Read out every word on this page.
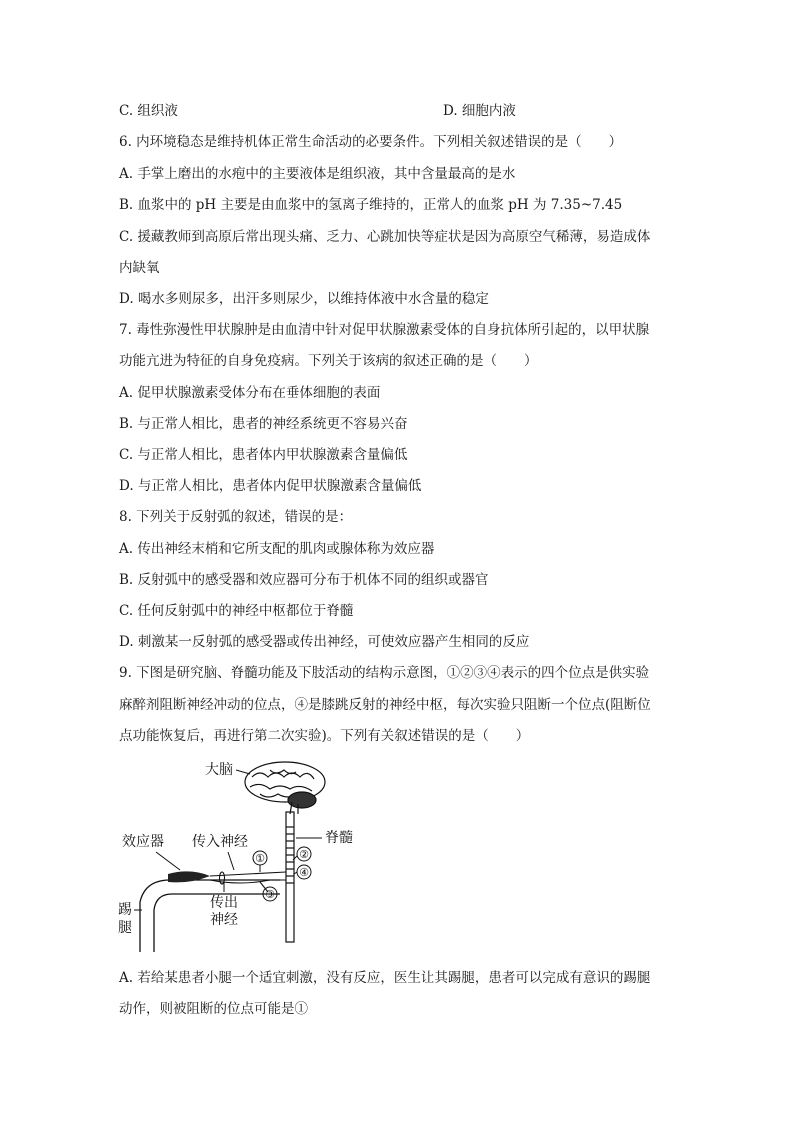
C. 组织液	D. 细胞内液
6. 内环境稳态是维持机体正常生命活动的必要条件。下列相关叙述错误的是（　　）
A. 手掌上磨出的水疱中的主要液体是组织液，其中含量最高的是水
B. 血浆中的 pH 主要是由血浆中的氢离子维持的，正常人的血浆 pH 为 7.35~7.45
C. 援藏教师到高原后常出现头痛、乏力、心跳加快等症状是因为高原空气稀薄，易造成体
内缺氧
D. 喝水多则尿多，出汗多则尿少，以维持体液中水含量的稳定
7. 毒性弥漫性甲状腺肿是由血清中针对促甲状腺激素受体的自身抗体所引起的，以甲状腺
功能亢进为特征的自身免疫病。下列关于该病的叙述正确的是（　　）
A. 促甲状腺激素受体分布在垂体细胞的表面
B. 与正常人相比，患者的神经系统更不容易兴奋
C. 与正常人相比，患者体内甲状腺激素含量偏低
D. 与正常人相比，患者体内促甲状腺激素含量偏低
8. 下列关于反射弧的叙述，错误的是：
A. 传出神经末梢和它所支配的肌肉或腺体称为效应器
B. 反射弧中的感受器和效应器可分布于机体不同的组织或器官
C. 任何反射弧中的神经中枢都位于脊髓
D. 刺激某一反射弧的感受器或传出神经，可使效应器产生相同的反应
9. 下图是研究脑、脊髓功能及下肢活动的结构示意图，①②③④表示的四个位点是供实验
麻醉剂阻断神经冲动的位点，④是膝跳反射的神经中枢，每次实验只阻断一个位点(阻断位
点功能恢复后，再进行第二次实验)。下列有关叙述错误的是（　　）
大脑
脊髓
效应器 传入神经
传出
神经
踢
腿
①	②
③
④
A. 若给某患者小腿一个适宜刺激，没有反应，医生让其踢腿，患者可以完成有意识的踢腿
动作，则被阻断的位点可能是①
